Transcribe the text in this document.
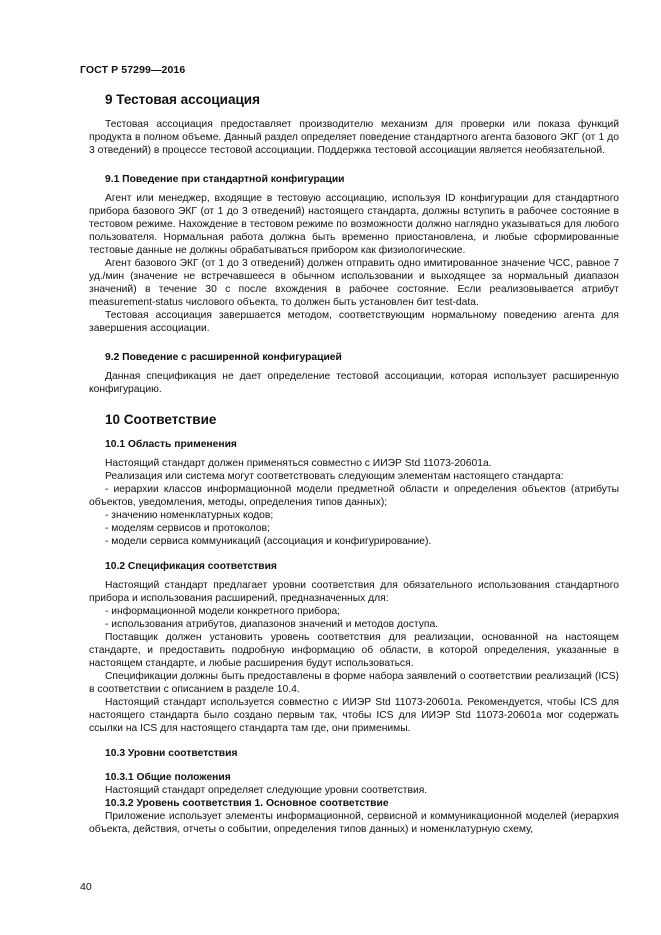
ГОСТ Р 57299—2016
9 Тестовая ассоциация

Тестовая ассоциация предоставляет производителю механизм для проверки или показа функций продукта в полном объеме. Данный раздел определяет поведение стандартного агента базового ЭКГ (от 1 до 3 отведений) в процессе тестовой ассоциации. Поддержка тестовой ассоциации является необязательной.

9.1 Поведение при стандартной конфигурации

Агент или менеджер, входящие в тестовую ассоциацию, используя ID конфигурации для стандартного прибора базового ЭКГ (от 1 до 3 отведений) настоящего стандарта, должны вступить в рабочее состояние в тестовом режиме. Нахождение в тестовом режиме по возможности должно наглядно указываться для любого пользователя. Нормальная работа должна быть временно приостановлена, и любые сформированные тестовые данные не должны обрабатываться прибором как физиологические.

Агент базового ЭКГ (от 1 до 3 отведений) должен отправить одно имитированное значение ЧСС, равное 7 уд./мин (значение не встречавшееся в обычном использовании и выходящее за нормальный диапазон значений) в течение 30 с после вхождения в рабочее состояние. Если реализовывается атрибут measurement-status числового объекта, то должен быть установлен бит test-data.

Тестовая ассоциация завершается методом, соответствующим нормальному поведению агента для завершения ассоциации.

9.2 Поведение с расширенной конфигурацией

Данная спецификация не дает определение тестовой ассоциации, которая использует расширенную конфигурацию.

10 Соответствие
10.1 Область применения

Настоящий стандарт должен применяться совместно с ИИЭР Std 11073-20601a.

Реализация или система могут соответствовать следующим элементам настоящего стандарта:

- иерархии классов информационной модели предметной области и определения объектов (атрибуты объектов, уведомления, методы, определения типов данных);
- значению номенклатурных кодов;
- моделям сервисов и протоколов;
- модели сервиса коммуникаций (ассоциация и конфигурирование).
10.2 Спецификация соответствия

Настоящий стандарт предлагает уровни соответствия для обязательного использования стандартного прибора и использования расширений, предназначенных для:

- информационной модели конкретного прибора;
- использования атрибутов, диапазонов значений и методов доступа.

Поставщик должен установить уровень соответствия для реализации, основанной на настоящем стандарте, и предоставить подробную информацию об области, в которой определения, указанные в настоящем стандарте, и любые расширения будут использоваться.

Спецификации должны быть предоставлены в форме набора заявлений о соответствии реализаций (ICS) в соответствии с описанием в разделе 10.4.

Настоящий стандарт используется совместно с ИИЭР Std 11073-20601a. Рекомендуется, чтобы ICS для настоящего стандарта было создано первым так, чтобы ICS для ИИЭР Std 11073-20601a мог содержать ссылки на ICS для настоящего стандарта там где, они применимы.

10.3 Уровни соответствия
10.3.1 Общие положения

Настоящий стандарт определяет следующие уровни соответствия.

10.3.2 Уровень соответствия 1. Основное соответствие

Приложение использует элементы информационной, сервисной и коммуникационной моделей (иерархия объекта, действия, отчеты о событии, определения типов данных) и номенклатурную схему,

40
